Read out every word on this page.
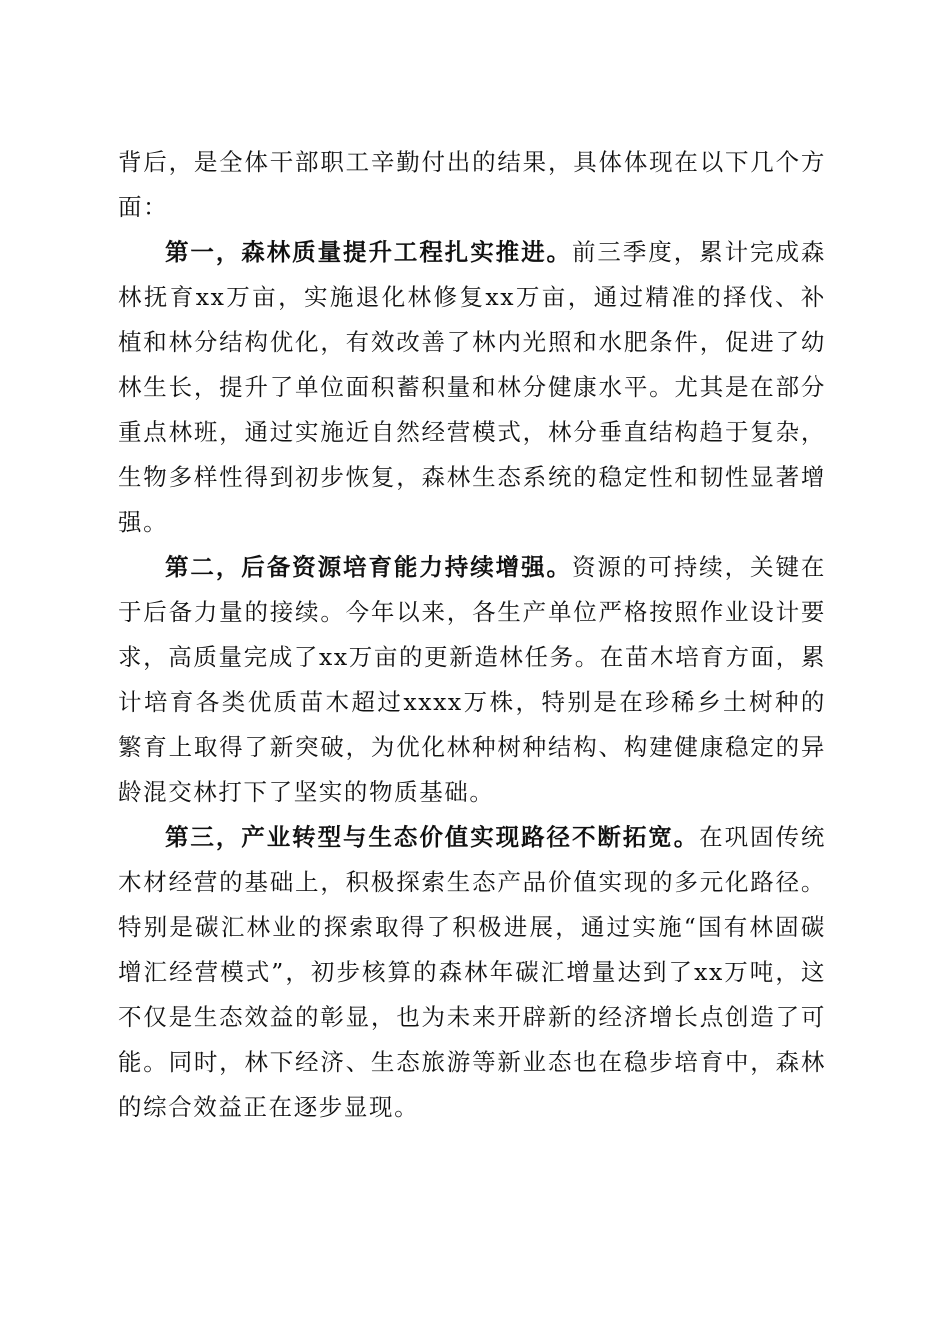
背后，是全体干部职工辛勤付出的结果，具体体现在以下几个方面：

第一，森林质量提升工程扎实推进。前三季度，累计完成森林抚育xx万亩，实施退化林修复xx万亩，通过精准的择伐、补植和林分结构优化，有效改善了林内光照和水肥条件，促进了幼林生长，提升了单位面积蓄积量和林分健康水平。尤其是在部分重点林班，通过实施近自然经营模式，林分垂直结构趋于复杂，生物多样性得到初步恢复，森林生态系统的稳定性和韧性显著增强。

第二，后备资源培育能力持续增强。资源的可持续，关键在于后备力量的接续。今年以来，各生产单位严格按照作业设计要求，高质量完成了xx万亩的更新造林任务。在苗木培育方面，累计培育各类优质苗木超过xxxx万株，特别是在珍稀乡土树种的繁育上取得了新突破，为优化林种树种结构、构建健康稳定的异龄混交林打下了坚实的物质基础。

第三，产业转型与生态价值实现路径不断拓宽。在巩固传统木材经营的基础上，积极探索生态产品价值实现的多元化路径。特别是碳汇林业的探索取得了积极进展，通过实施“国有林固碳增汇经营模式”，初步核算的森林年碳汇增量达到了xx万吨，这不仅是生态效益的彰显，也为未来开辟新的经济增长点创造了可能。同时，林下经济、生态旅游等新业态也在稳步培育中，森林的综合效益正在逐步显现。
